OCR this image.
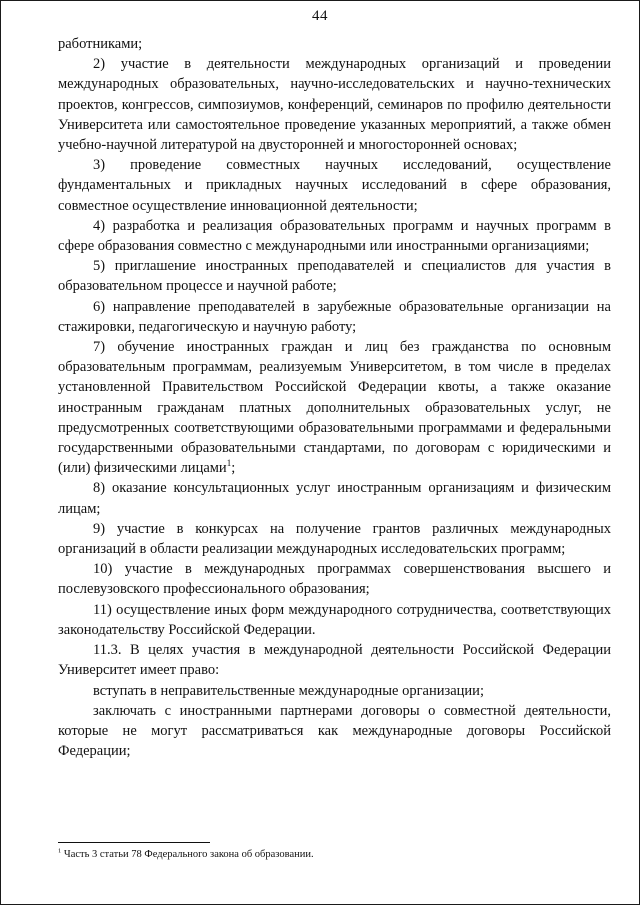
44

работниками;

2) участие в деятельности международных организаций и проведении международных образовательных, научно-исследовательских и научно-технических проектов, конгрессов, симпозиумов, конференций, семинаров по профилю деятельности Университета или самостоятельное проведение указанных мероприятий, а также обмен учебно-научной литературой на двусторонней и многосторонней основах;

3) проведение совместных научных исследований, осуществление фундаментальных и прикладных научных исследований в сфере образования, совместное осуществление инновационной деятельности;

4) разработка и реализация образовательных программ и научных программ в сфере образования совместно с международными или иностранными организациями;

5) приглашение иностранных преподавателей и специалистов для участия в образовательном процессе и научной работе;

6) направление преподавателей в зарубежные образовательные организации на стажировки, педагогическую и научную работу;

7) обучение иностранных граждан и лиц без гражданства по основным образовательным программам, реализуемым Университетом, в том числе в пределах установленной Правительством Российской Федерации квоты, а также оказание иностранным гражданам платных дополнительных образовательных услуг, не предусмотренных соответствующими образовательными программами и федеральными государственными образовательными стандартами, по договорам с юридическими и (или) физическими лицами$^1$;

8) оказание консультационных услуг иностранным организациям и физическим лицам;

9) участие в конкурсах на получение грантов различных международных организаций в области реализации международных исследовательских программ;

10) участие в международных программах совершенствования высшего и послевузовского профессионального образования;

11) осуществление иных форм международного сотрудничества, соответствующих законодательству Российской Федерации.

11.3. В целях участия в международной деятельности Российской Федерации Университет имеет право:

вступать в неправительственные международные организации;

заключать с иностранными партнерами договоры о совместной деятельности, которые не могут рассматриваться как международные договоры Российской Федерации;

$^1$ Часть 3 статьи 78 Федерального закона об образовании.
